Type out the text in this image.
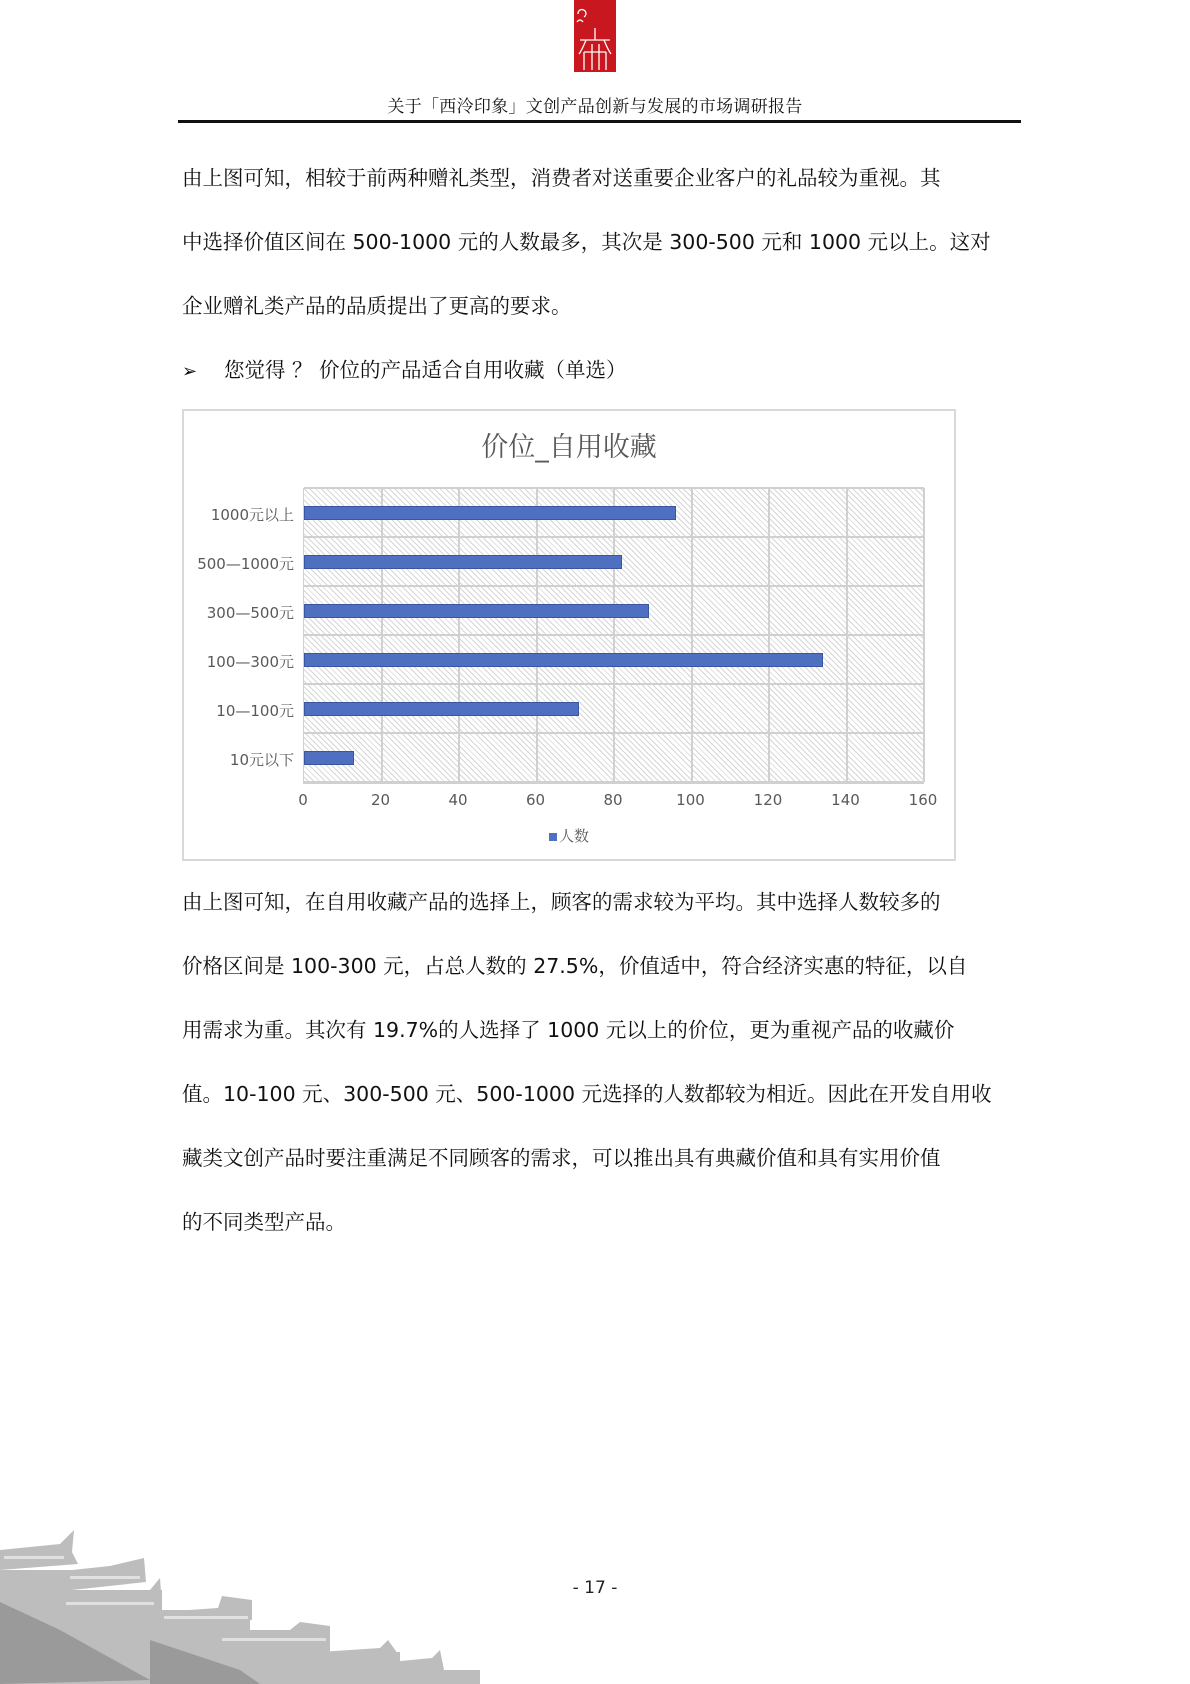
关于「西泠印象」文创产品创新与发展的市场调研报告

由上图可知，相较于前两种赠礼类型，消费者对送重要企业客户的礼品较为重视。其

中选择价值区间在 500-1000 元的人数最多，其次是 300-500 元和 1000 元以上。这对

企业赠礼类产品的品质提出了更高的要求。

➢ 您觉得 ？ 价位的产品适合自用收藏（单选）
价位_自用收藏
1000元以上
500—1000元
300—500元
100—300元
10—100元
10元以下
0	20	40	60	80	100	120	140	160
人数

由上图可知，在自用收藏产品的选择上，顾客的需求较为平均。其中选择人数较多的

价格区间是 100-300 元，占总人数的 27.5%，价值适中，符合经济实惠的特征，以自

用需求为重。其次有 19.7%的人选择了 1000 元以上的价位，更为重视产品的收藏价

值。10-100 元、300-500 元、500-1000 元选择的人数都较为相近。因此在开发自用收

藏类文创产品时要注重满足不同顾客的需求，可以推出具有典藏价值和具有实用价值

的不同类型产品。

- 17 -
